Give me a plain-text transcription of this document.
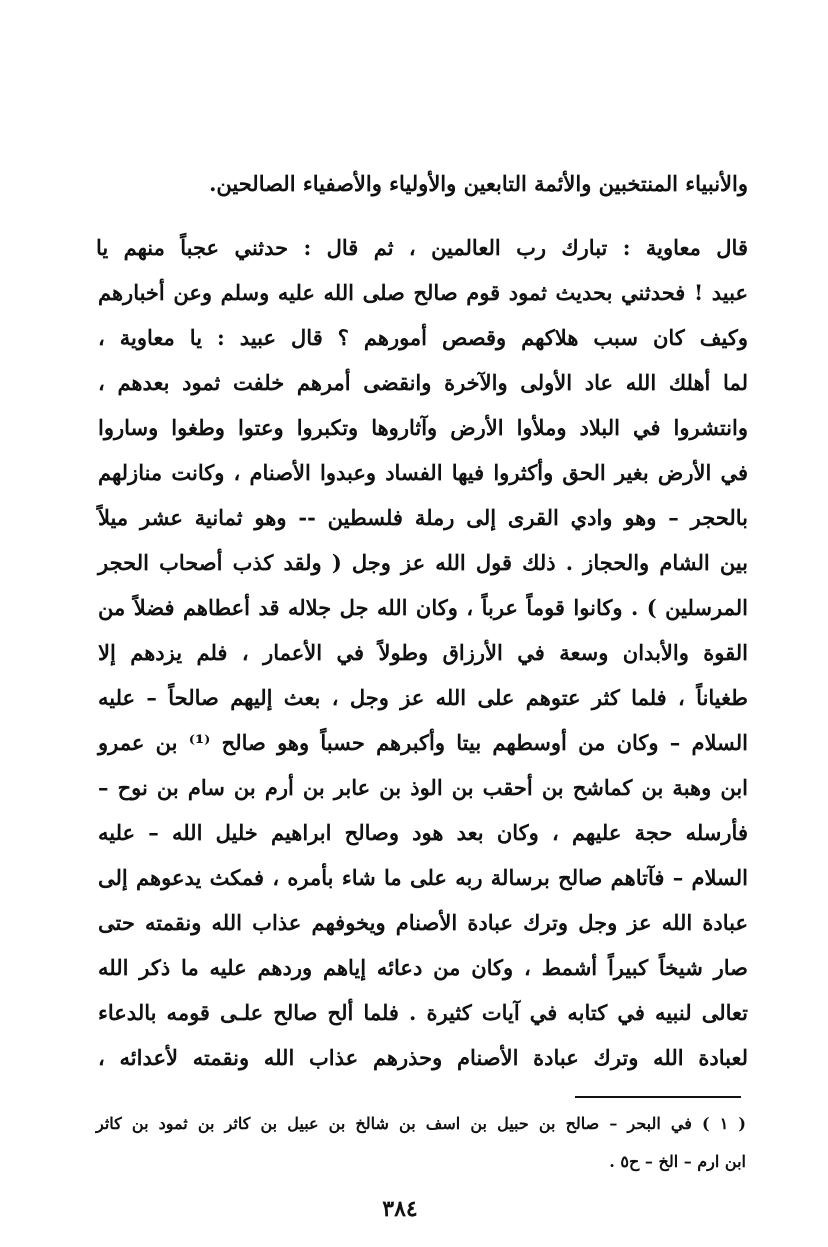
والأنبياء المنتخبين والأئمة التابعين والأولياء والأصفياء الصالحين.
قال معاوية : تبارك رب العالمين ، ثم قال : حدثني عجباً منهم يا
عبيد ! فحدثني بحديث ثمود قوم صالح صلى الله عليه وسلم وعن أخبارهم
وكيف كان سبب هلاكهم وقصص أمورهم ؟ قال عبيد : يا معاوية ،
لما أهلك الله عاد الأولى والآخرة وانقضى أمرهم خلفت ثمود بعدهم ،
وانتشروا في البلاد وملأوا الأرض وآثاروها وتكبروا وعتوا وطغوا وساروا
في الأرض بغير الحق وأكثروا فيها الفساد وعبدوا الأصنام ، وكانت منازلهم
بالحجر – وهو وادي القرى إلى رملة فلسطين -- وهو ثمانية عشر ميلاً
بين الشام والحجاز . ذلك قول الله عز وجل ( ولقد كذب أصحاب الحجر
المرسلين ) . وكانوا قوماً عرباً ، وكان الله جل جلاله قد أعطاهم فضلاً من
القوة والأبدان وسعة في الأرزاق وطولاً في الأعمار ، فلم يزدهم إلا
طغياناً ، فلما كثر عتوهم على الله عز وجل ، بعث إليهم صالحاً – عليه
السلام – وكان من أوسطهم بيتا وأكبرهم حسباً وهو صالح ⁽¹⁾ بن عمرو
ابن وهبة بن كماشح بن أحقب بن الوذ بن عابر بن أرم بن سام بن نوح –
فأرسله حجة عليهم ، وكان بعد هود وصالح ابراهيم خليل الله – عليه
السلام – فآتاهم صالح برسالة ربه على ما شاء بأمره ، فمكث يدعوهم إلى
عبادة الله عز وجل وترك عبادة الأصنام ويخوفهم عذاب الله ونقمته حتى
صار شيخاً كبيراً أشمط ، وكان من دعائه إياهم وردهم عليه ما ذكر الله
تعالى لنبيه في كتابه في آيات كثيرة . فلما ألح صالح علـى قومه بالدعاء
لعبادة الله وترك عبادة الأصنام وحذرهم عذاب الله ونقمته لأعدائه ،
( ١ ) في البحر – صالح بن حبيل بن اسف بن شالخ بن عبيل بن كاثر بن ثمود بن كاثر
ابن ارم – الخ – ح٥ .
٣٨٤
